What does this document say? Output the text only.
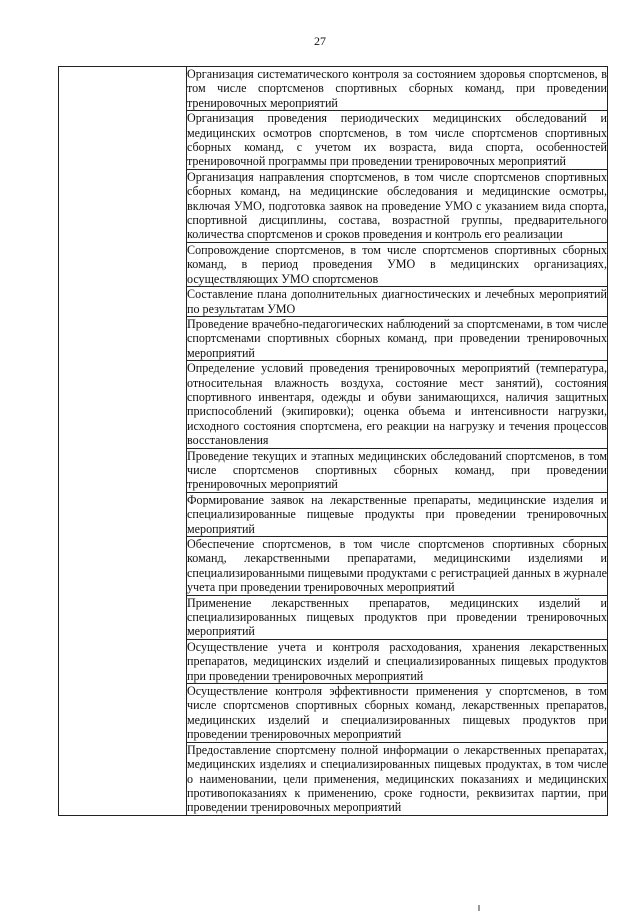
27
	Организация систематического контроля за состоянием здоровья спортсменов, в том числе спортсменов спортивных сборных команд, при проведении тренировочных мероприятий
Организация проведения периодических медицинских обследований и медицинских осмотров спортсменов, в том числе спортсменов спортивных сборных команд, с учетом их возраста, вида спорта, особенностей тренировочной программы при проведении тренировочных мероприятий
Организация направления спортсменов, в том числе спортсменов спортивных сборных команд, на медицинские обследования и медицинские осмотры, включая УМО, подготовка заявок на проведение УМО с указанием вида спорта, спортивной дисциплины, состава, возрастной группы, предварительного количества спортсменов и сроков проведения и контроль его реализации
Сопровождение спортсменов, в том числе спортсменов спортивных сборных команд, в период проведения УМО в медицинских организациях, осуществляющих УМО спортсменов
Составление плана дополнительных диагностических и лечебных мероприятий по результатам УМО
Проведение врачебно-педагогических наблюдений за спортсменами, в том числе спортсменами спортивных сборных команд, при проведении тренировочных мероприятий
Определение условий проведения тренировочных мероприятий (температура, относительная влажность воздуха, состояние мест занятий), состояния спортивного инвентаря, одежды и обуви занимающихся, наличия защитных приспособлений (экипировки); оценка объема и интенсивности нагрузки, исходного состояния спортсмена, его реакции на нагрузку и течения процессов восстановления
Проведение текущих и этапных медицинских обследований спортсменов, в том числе спортсменов спортивных сборных команд, при проведении тренировочных мероприятий
Формирование заявок на лекарственные препараты, медицинские изделия и специализированные пищевые продукты при проведении тренировочных мероприятий
Обеспечение спортсменов, в том числе спортсменов спортивных сборных команд, лекарственными препаратами, медицинскими изделиями и специализированными пищевыми продуктами с регистрацией данных в журнале учета при проведении тренировочных мероприятий
Применение лекарственных препаратов, медицинских изделий и специализированных пищевых продуктов при проведении тренировочных мероприятий
Осуществление учета и контроля расходования, хранения лекарственных препаратов, медицинских изделий и специализированных пищевых продуктов при проведении тренировочных мероприятий
Осуществление контроля эффективности применения у спортсменов, в том числе спортсменов спортивных сборных команд, лекарственных препаратов, медицинских изделий и специализированных пищевых продуктов при проведении тренировочных мероприятий
Предоставление спортсмену полной информации о лекарственных препаратах, медицинских изделиях и специализированных пищевых продуктах, в том числе о наименовании, цели применения, медицинских показаниях и медицинских противопоказаниях к применению, сроке годности, реквизитах партии, при проведении тренировочных мероприятий
